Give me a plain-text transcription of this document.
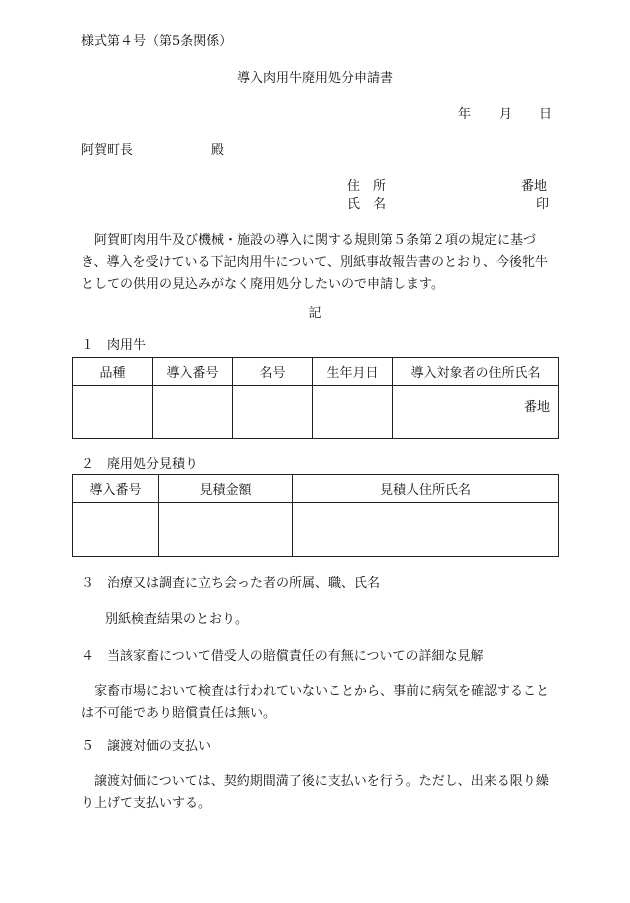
様式第４号（第5条関係）
導入肉用牛廃用処分申請書
年 月 日
阿賀町長	殿
住　所	番地
氏　名	印
　阿賀町肉用牛及び機械・施設の導入に関する規則第５条第２項の規定に基づき、導入を受けている下記肉用牛について、別紙事故報告書のとおり、今後牝牛としての供用の見込みがなく廃用処分したいので申請します。
記
１　肉用牛
品種	導入番号	名号	生年月日	導入対象者の住所氏名
				番地
２　廃用処分見積り
導入番号	見積金額	見積人住所氏名

３　治療又は調査に立ち会った者の所属、職、氏名
別紙検査結果のとおり。
４　当該家畜について借受人の賠償責任の有無についての詳細な見解
　家畜市場において検査は行われていないことから、事前に病気を確認することは不可能であり賠償責任は無い。
５　譲渡対価の支払い
　譲渡対価については、契約期間満了後に支払いを行う。ただし、出来る限り繰り上げて支払いする。
